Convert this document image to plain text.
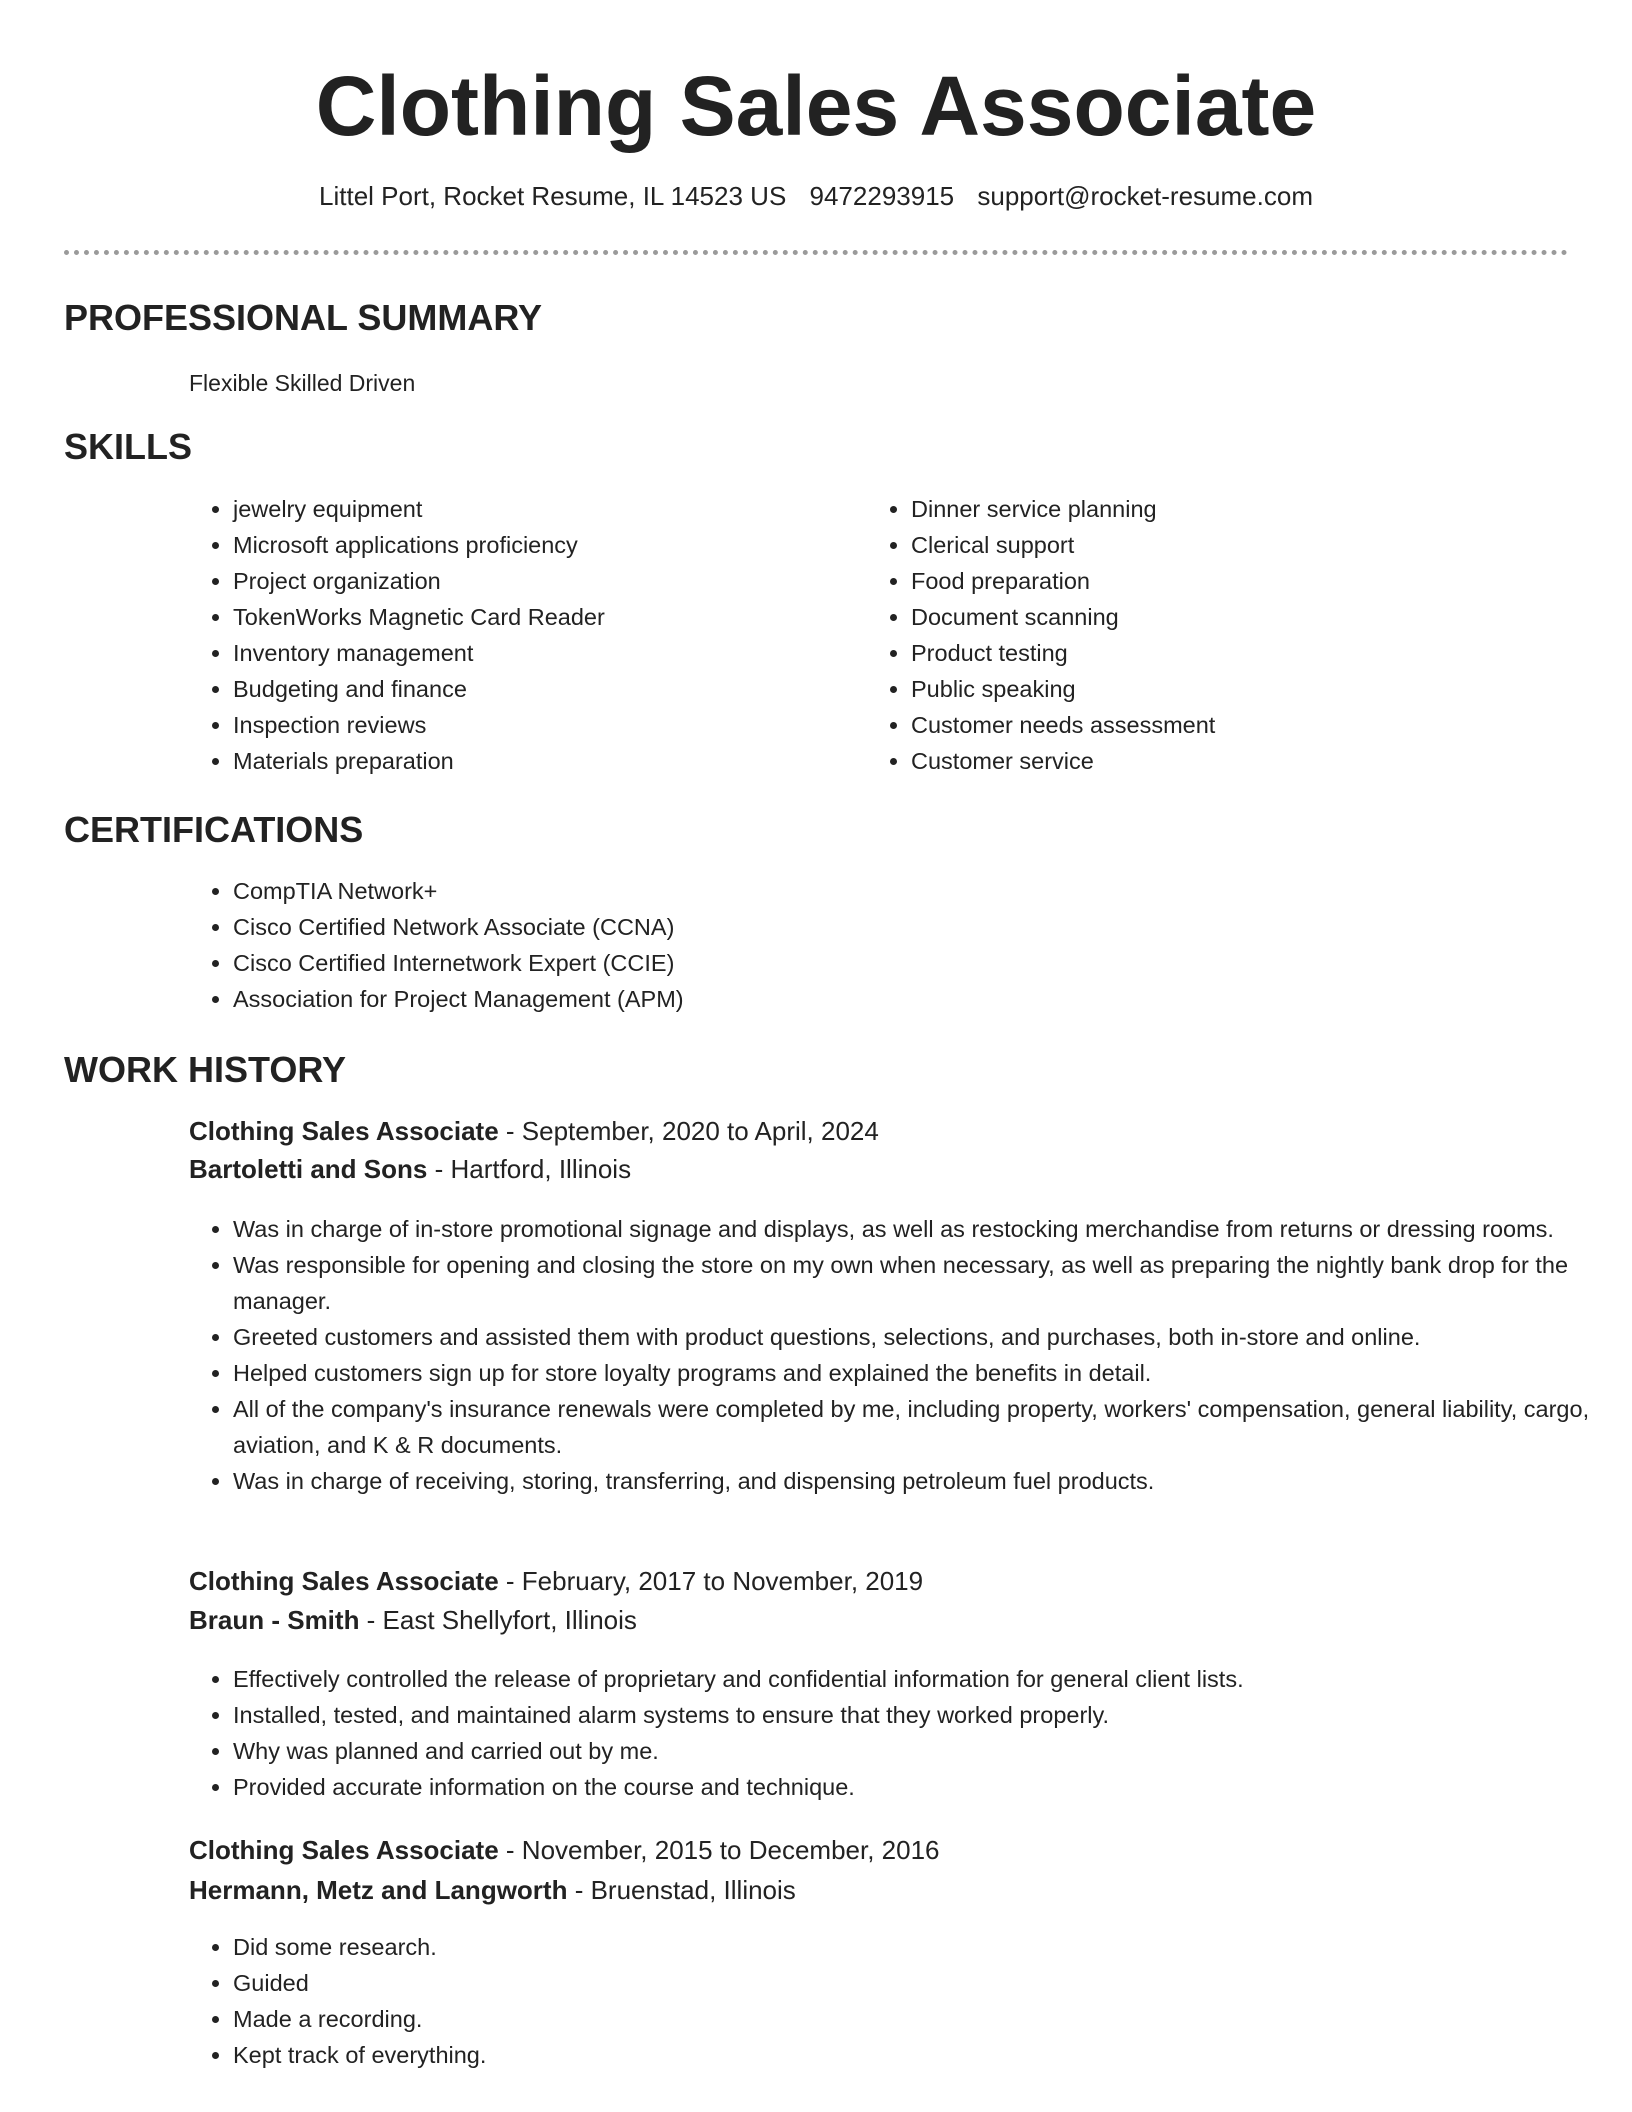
Clothing Sales Associate
Littel Port, Rocket Resume, IL 14523 US 9472293915 support@rocket-resume.com
PROFESSIONAL SUMMARY
Flexible Skilled Driven
SKILLS
• jewelry equipment
• Microsoft applications proficiency
• Project organization
• TokenWorks Magnetic Card Reader
• Inventory management
• Budgeting and finance
• Inspection reviews
• Materials preparation
• Dinner service planning
• Clerical support
• Food preparation
• Document scanning
• Product testing
• Public speaking
• Customer needs assessment
• Customer service
CERTIFICATIONS
• CompTIA Network+
• Cisco Certified Network Associate (CCNA)
• Cisco Certified Internetwork Expert (CCIE)
• Association for Project Management (APM)
WORK HISTORY
Clothing Sales Associate - September, 2020 to April, 2024
Bartoletti and Sons - Hartford, Illinois
• Was in charge of in-store promotional signage and displays, as well as restocking merchandise from returns or dressing rooms.
• Was responsible for opening and closing the store on my own when necessary, as well as preparing the nightly bank drop for the manager.
• Greeted customers and assisted them with product questions, selections, and purchases, both in-store and online.
• Helped customers sign up for store loyalty programs and explained the benefits in detail.
• All of the company's insurance renewals were completed by me, including property, workers' compensation, general liability, cargo, aviation, and K & R documents.
• Was in charge of receiving, storing, transferring, and dispensing petroleum fuel products.
Clothing Sales Associate - February, 2017 to November, 2019
Braun - Smith - East Shellyfort, Illinois
• Effectively controlled the release of proprietary and confidential information for general client lists.
• Installed, tested, and maintained alarm systems to ensure that they worked properly.
• Why was planned and carried out by me.
• Provided accurate information on the course and technique.
Clothing Sales Associate - November, 2015 to December, 2016
Hermann, Metz and Langworth - Bruenstad, Illinois
• Did some research.
• Guided
• Made a recording.
• Kept track of everything.
